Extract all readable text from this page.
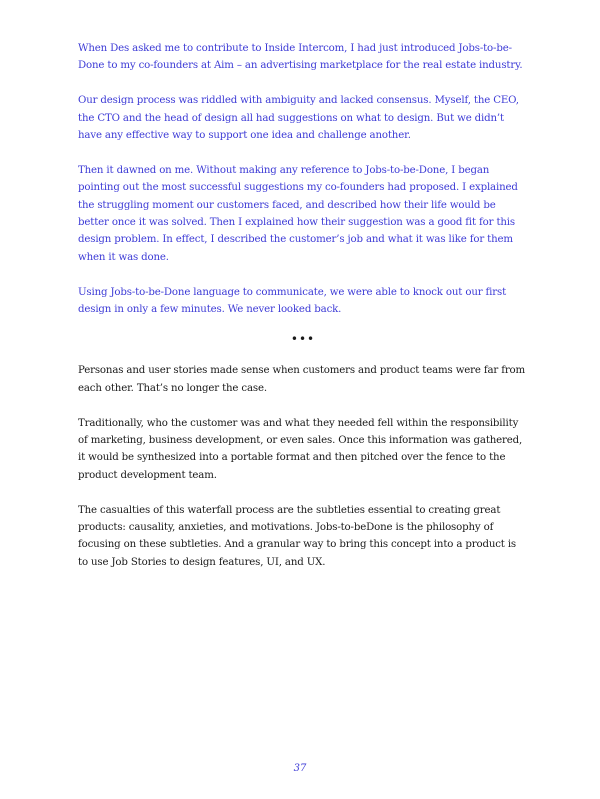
When Des asked me to contribute to Inside Intercom, I had just introduced Jobs-to-be-Done to my co-founders at Aim – an advertising marketplace for the real estate industry.

Our design process was riddled with ambiguity and lacked consensus. Myself, the CEO, the CTO and the head of design all had suggestions on what to design. But we didn’t have any effective way to support one idea and challenge another.

Then it dawned on me. Without making any reference to Jobs-to-be-Done, I began pointing out the most successful suggestions my co-founders had proposed. I explained the struggling moment our customers faced, and described how their life would be better once it was solved. Then I explained how their suggestion was a good fit for this design problem. In effect, I described the customer’s job and what it was like for them when it was done.

Using Jobs-to-be-Done language to communicate, we were able to knock out our first design in only a few minutes. We never looked back.

•••

Personas and user stories made sense when customers and product teams were far from each other. That’s no longer the case.

Traditionally, who the customer was and what they needed fell within the responsibility of marketing, business development, or even sales. Once this information was gathered, it would be synthesized into a portable format and then pitched over the fence to the product development team.

The casualties of this waterfall process are the subtleties essential to creating great products: causality, anxieties, and motivations. Jobs-to-beDone is the philosophy of focusing on these subtleties. And a granular way to bring this concept into a product is to use Job Stories to design features, UI, and UX.

37
